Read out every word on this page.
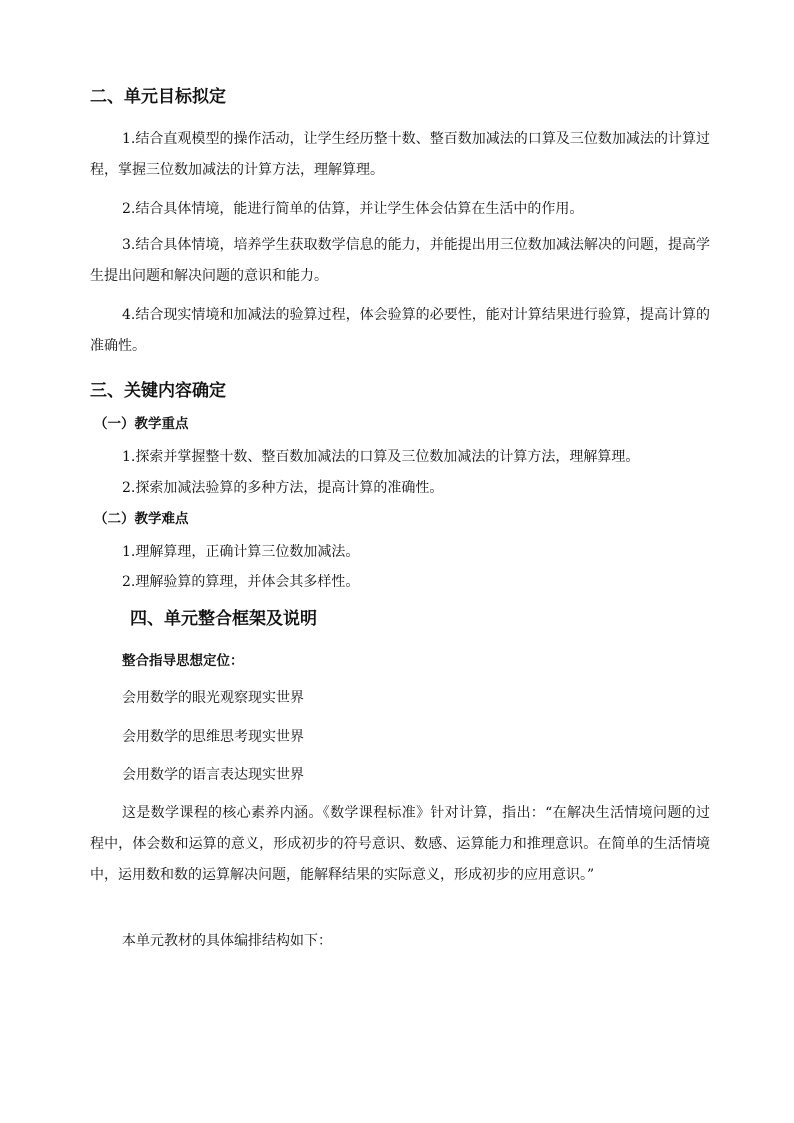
二、单元目标拟定
1.结合直观模型的操作活动，让学生经历整十数、整百数加减法的口算及三位数加减法的计算过程，掌握三位数加减法的计算方法，理解算理。
2.结合具体情境，能进行简单的估算，并让学生体会估算在生活中的作用。
3.结合具体情境，培养学生获取数学信息的能力，并能提出用三位数加减法解决的问题，提高学生提出问题和解决问题的意识和能力。
4.结合现实情境和加减法的验算过程，体会验算的必要性，能对计算结果进行验算，提高计算的准确性。
三、关键内容确定
（一）教学重点
1.探索并掌握整十数、整百数加减法的口算及三位数加减法的计算方法，理解算理。
2.探索加减法验算的多种方法，提高计算的准确性。
（二）教学难点
1.理解算理，正确计算三位数加减法。
2.理解验算的算理，并体会其多样性。
四、单元整合框架及说明
整合指导思想定位：
会用数学的眼光观察现实世界
会用数学的思维思考现实世界
会用数学的语言表达现实世界
这是数学课程的核心素养内涵。《数学课程标准》针对计算，指出：“在解决生活情境问题的过程中，体会数和运算的意义，形成初步的符号意识、数感、运算能力和推理意识。在简单的生活情境中，运用数和数的运算解决问题，能解释结果的实际意义，形成初步的应用意识。”
本单元教材的具体编排结构如下：
